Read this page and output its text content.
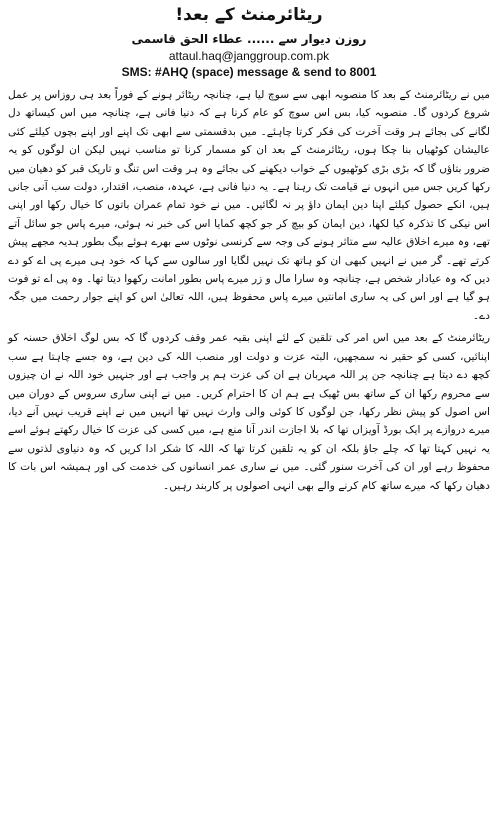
ریٹائرمنٹ کے بعد!
روزن دیوار سے ...... عطاء الحق قاسمی
attaul.haq@janggroup.com.pk
SMS: #AHQ (space) message & send to 8001

میں نے ریٹائرمنٹ کے بعد کا منصوبہ ابھی سے سوچ لیا ہے، چنانچہ ریٹائر ہونے کے فوراً بعد ہی روزاس پر عمل شروع کردوں گا۔ منصوبہ کیا، بس اس سوچ کو عام کرنا ہے کہ دنیا فانی ہے، چنانچہ میں اس کیساتھ دل لگانے کی بجائے ہر وقت آخرت کی فکر کرتا چاہئے۔ میں بدقسمتی سے ابھی تک اپنے اور اپنے بچوں کیلئے کئی عالیشان کوٹھیاں بنا چکا ہوں، ریٹائرمنٹ کے بعد ان کو مسمار کرنا تو مناسب نہیں لیکن ان لوگوں کو یہ ضرور بتاؤں گا کہ بڑی بڑی کوٹھیوں کے خواب دیکھنے کی بجائے وہ ہر وقت اس تنگ و تاریک قبر کو دھیان میں رکھا کریں جس میں انہوں نے قیامت تک رہنا ہے۔ یہ دنیا فانی ہے، عہدہ، منصب، اقتدار، دولت سب آنی جانی ہیں، انکے حصول کیلئے اپنا دین ایمان داؤ پر نہ لگائیں۔ میں نے خود تمام عمران باتوں کا خیال رکھا اور اپنی اس نیکی کا تذکرہ کیا لکھا، دین ایمان کو بیچ کر جو کچھ کمایا اس کی خبر نہ ہوئی، میرے پاس جو سائل آتے تھے، وہ میرے اخلاق عالیہ سے متاثر ہونے کی وجہ سے کرنسی نوٹوں سے بھرے ہوئے بیگ بطور ہدیہ مجھے پیش کرتے تھے۔ گر میں نے انہیں کبھی ان کو ہاتھ تک نہیں لگایا اور سالوں سے کہا کہ خود ہی میرے پی اے کو دے دیں کہ وہ عیادار شخص ہے، چنانچہ وہ سارا مال و زر میرے پاس بطور امانت رکھوا دیتا تھا۔ وہ پی اے تو فوت ہو گیا ہے اور اس کی یہ ساری امانتیں میرے پاس محفوظ ہیں، اللہ تعالیٰ اس کو اپنے جوار رحمت میں جگہ دے۔

ریٹائرمنٹ کے بعد میں اس امر کی تلقین کے لئے اپنی بقیہ عمر وقف کردوں گا کہ بس لوگ اخلاق حسنہ کو اپنائیں، کسی کو حقیر نہ سمجھیں، البتہ عزت و دولت اور منصب اللہ کی دین ہے، وہ جسے چاہتا ہے سب کچھ دے دیتا ہے چنانچہ جن پر اللہ مہربان ہے ان کی عزت ہم پر واجب ہے اور جنہیں خود اللہ نے ان چیزوں سے محروم رکھا ان کے ساتھ بس ٹھیک ہے ہم ان کا احترام کریں۔ میں نے اپنی ساری سروس کے دوران میں اس اصول کو پیش نظر رکھا، جن لوگوں کا کوئی والی وارث نہیں تھا انہیں میں نے اپنے قریب نہیں آنے دیا، میرے دروازے پر ایک بورڈ آویزاں تھا کہ بلا اجازت اندر آنا منع ہے، میں کسی کی عزت کا خیال رکھتے ہوئے اسے یہ نہیں کہتا تھا کہ چلے جاؤ بلکہ ان کو یہ تلقین کرتا تھا کہ اللہ کا شکر ادا کریں کہ وہ دنیاوی لذتوں سے محفوظ رہے اور ان کی آخرت سنور گئی۔ میں نے ساری عمر انسانوں کی خدمت کی اور ہمیشہ اس بات کا دھیان رکھا کہ میرے ساتھ کام کرنے والے بھی انہی اصولوں پر کاربند رہیں۔
